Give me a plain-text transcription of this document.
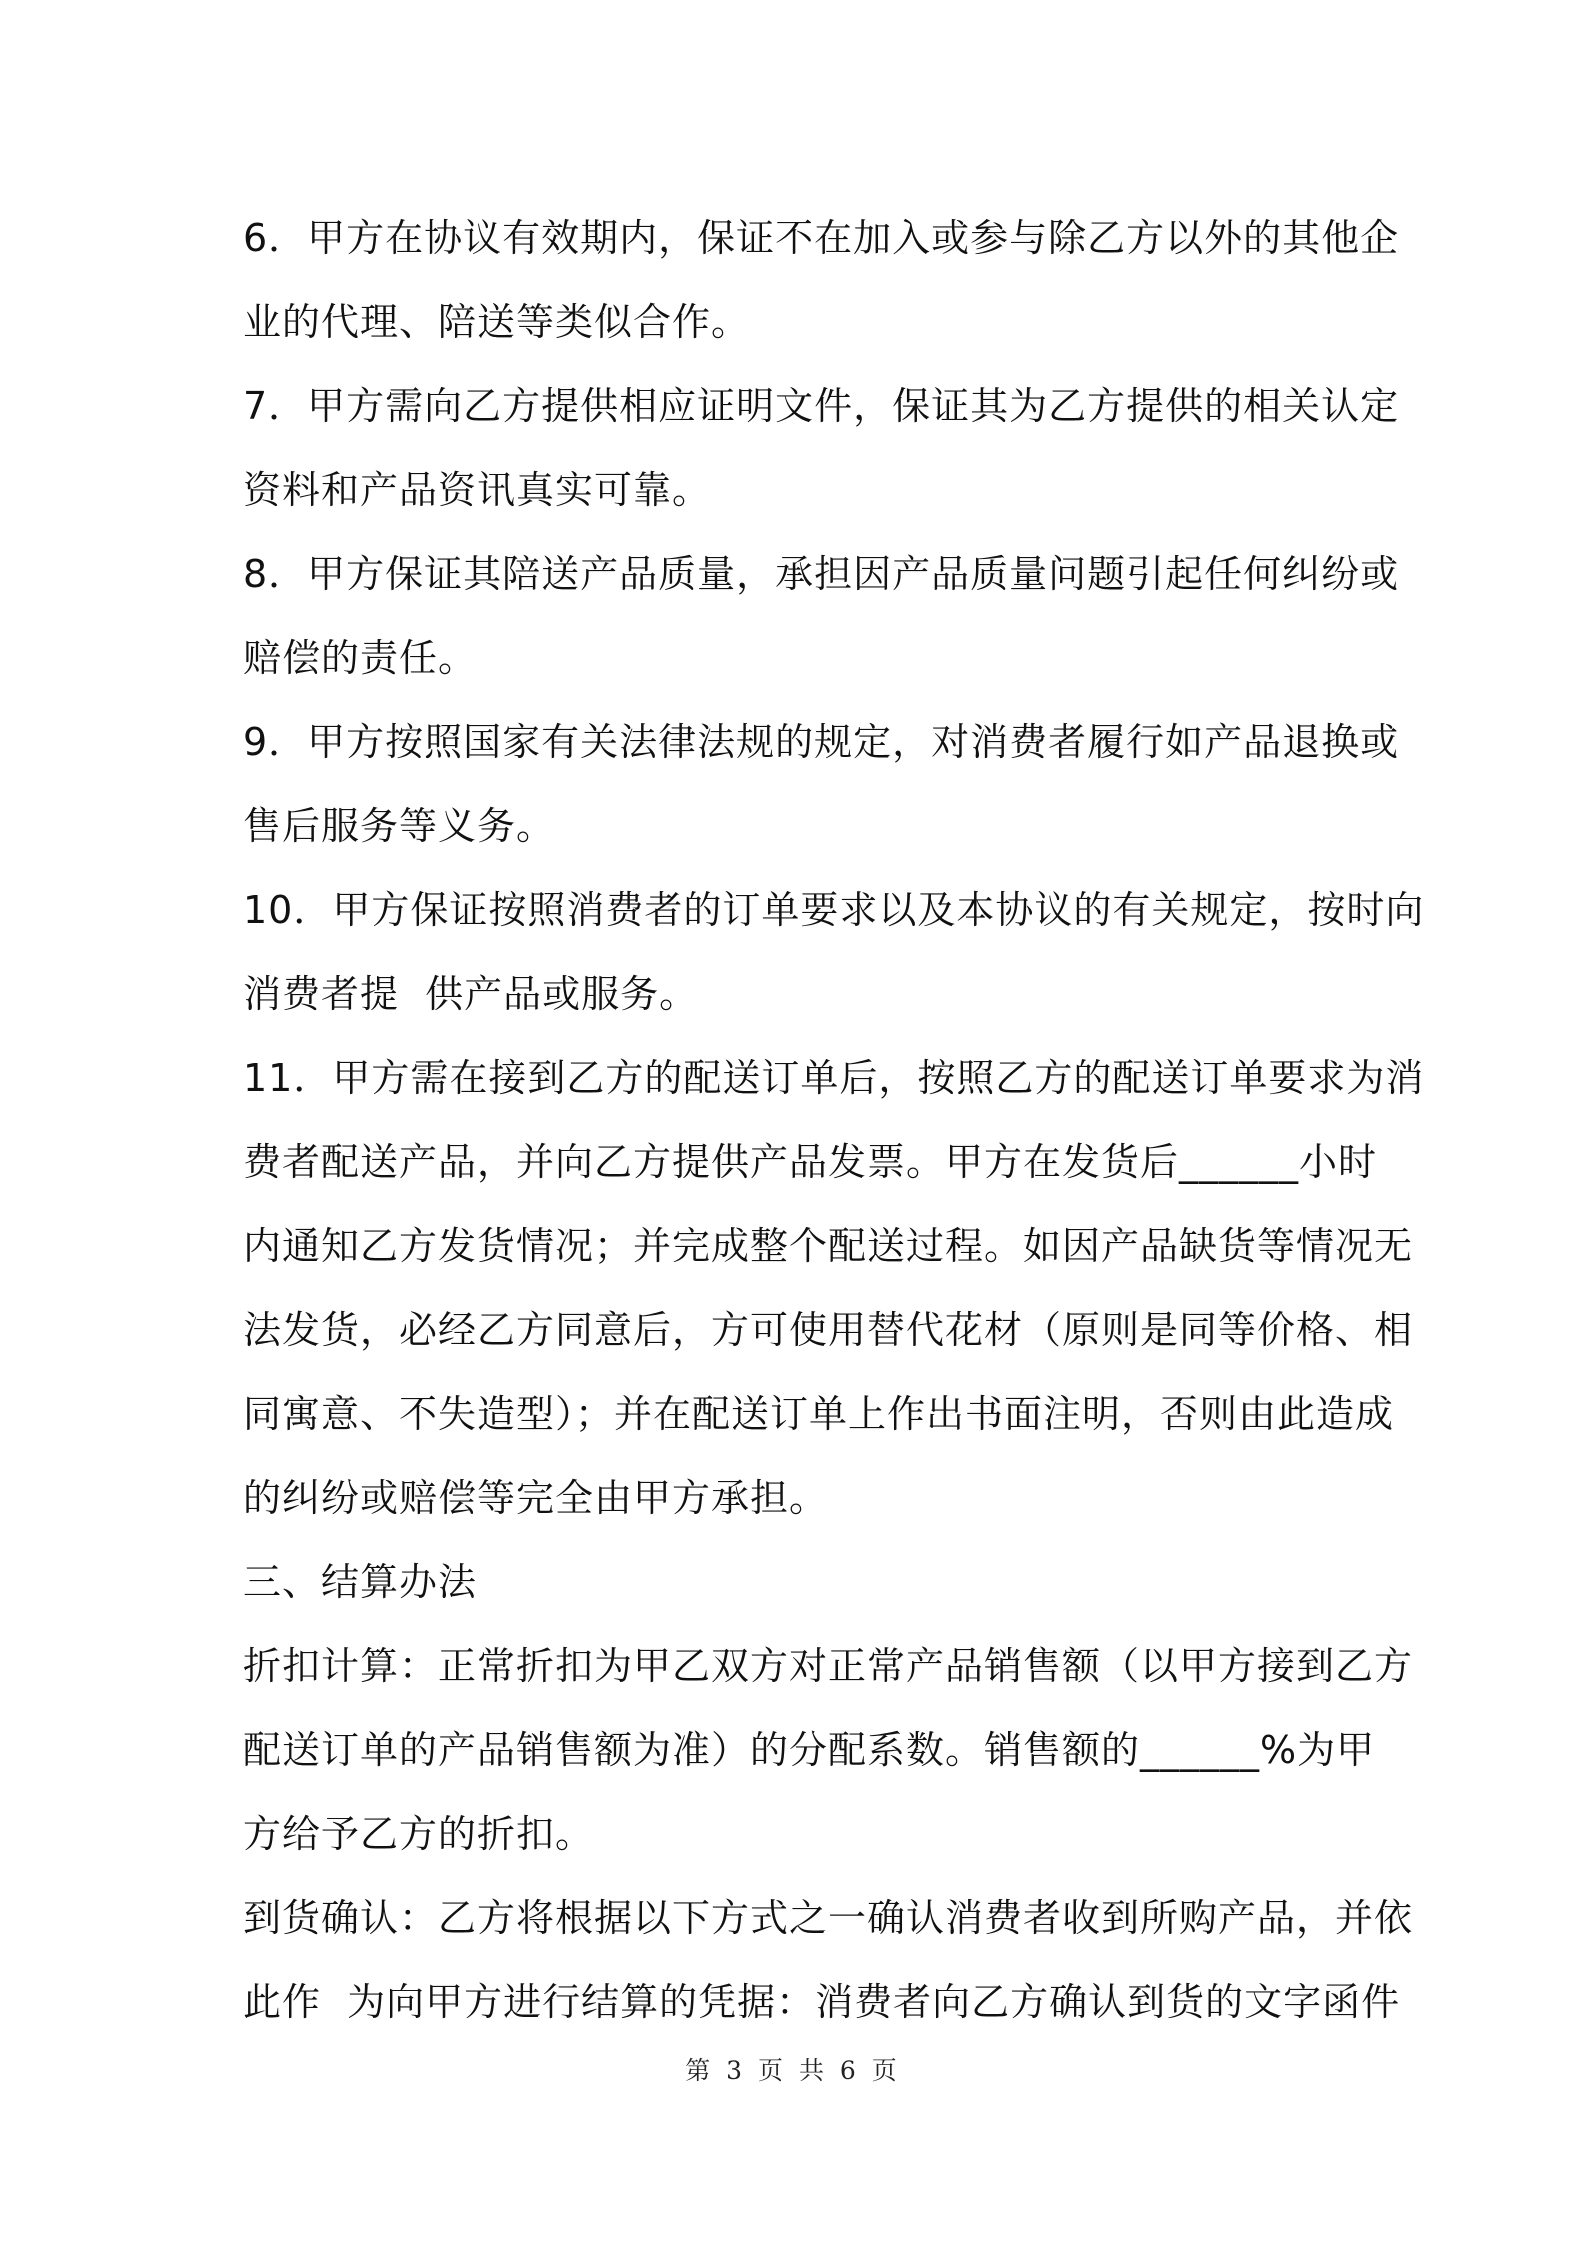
6．甲方在协议有效期内，保证不在加入或参与除乙方以外的其他企
业的代理、陪送等类似合作。
7．甲方需向乙方提供相应证明文件，保证其为乙方提供的相关认定
资料和产品资讯真实可靠。
8．甲方保证其陪送产品质量，承担因产品质量问题引起任何纠纷或
赔偿的责任。
9．甲方按照国家有关法律法规的规定，对消费者履行如产品退换或
售后服务等义务。
10．甲方保证按照消费者的订单要求以及本协议的有关规定，按时向
消费者提  供产品或服务。
11．甲方需在接到乙方的配送订单后，按照乙方的配送订单要求为消
费者配送产品，并向乙方提供产品发票。甲方在发货后______小时
内通知乙方发货情况；并完成整个配送过程。如因产品缺货等情况无
法发货，必经乙方同意后，方可使用替代花材（原则是同等价格、相
同寓意、不失造型）；并在配送订单上作出书面注明，否则由此造成
的纠纷或赔偿等完全由甲方承担。
三、结算办法
折扣计算：正常折扣为甲乙双方对正常产品销售额（以甲方接到乙方
配送订单的产品销售额为准）的分配系数。销售额的______%为甲
方给予乙方的折扣。
到货确认：乙方将根据以下方式之一确认消费者收到所购产品，并依
此作  为向甲方进行结算的凭据：消费者向乙方确认到货的文字函件
第 3 页 共 6 页
